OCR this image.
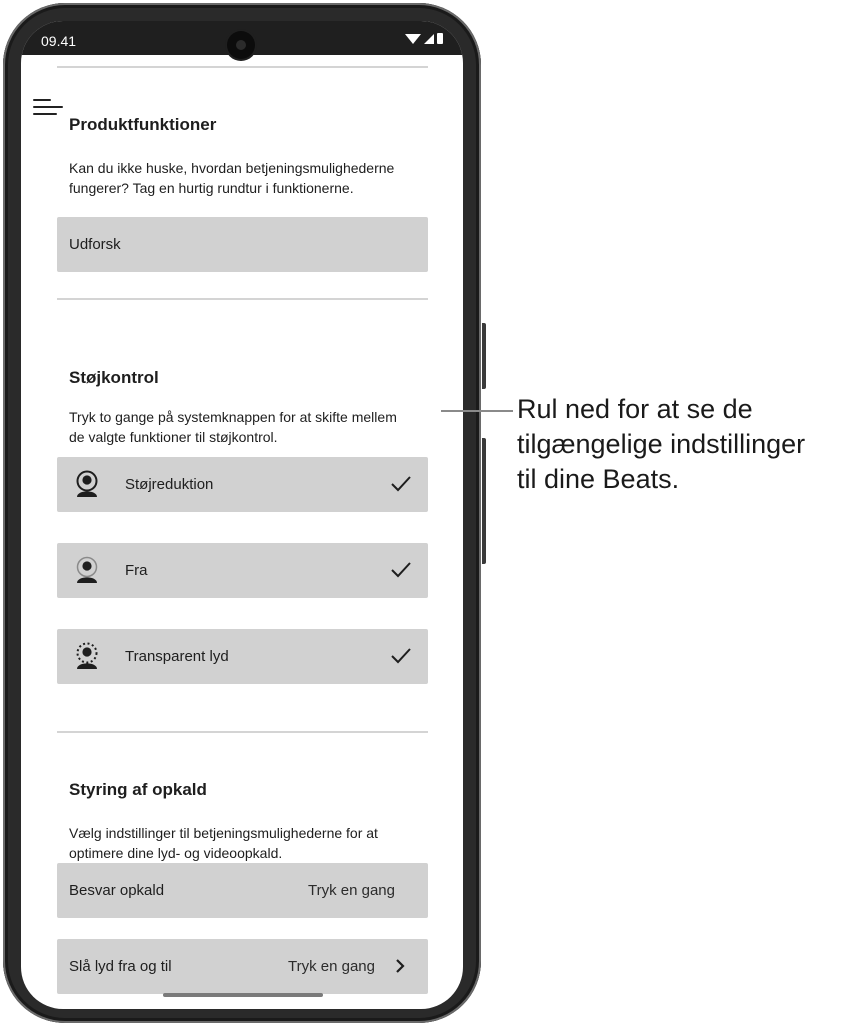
09.41
Produktfunktioner
Kan du ikke huske, hvordan betjeningsmulighederne fungerer? Tag en hurtig rundtur i funktionerne.
Udforsk
Støjkontrol
Tryk to gange på systemknappen for at skifte mellem de valgte funktioner til støjkontrol.
Støjreduktion
Fra
Transparent lyd
Styring af opkald
Vælg indstillinger til betjeningsmulighederne for at optimere dine lyd- og videoopkald.
Besvar opkald	Tryk en gang
Slå lyd fra og til	Tryk en gang
Rul ned for at se de
tilgængelige indstillinger
til dine Beats.
